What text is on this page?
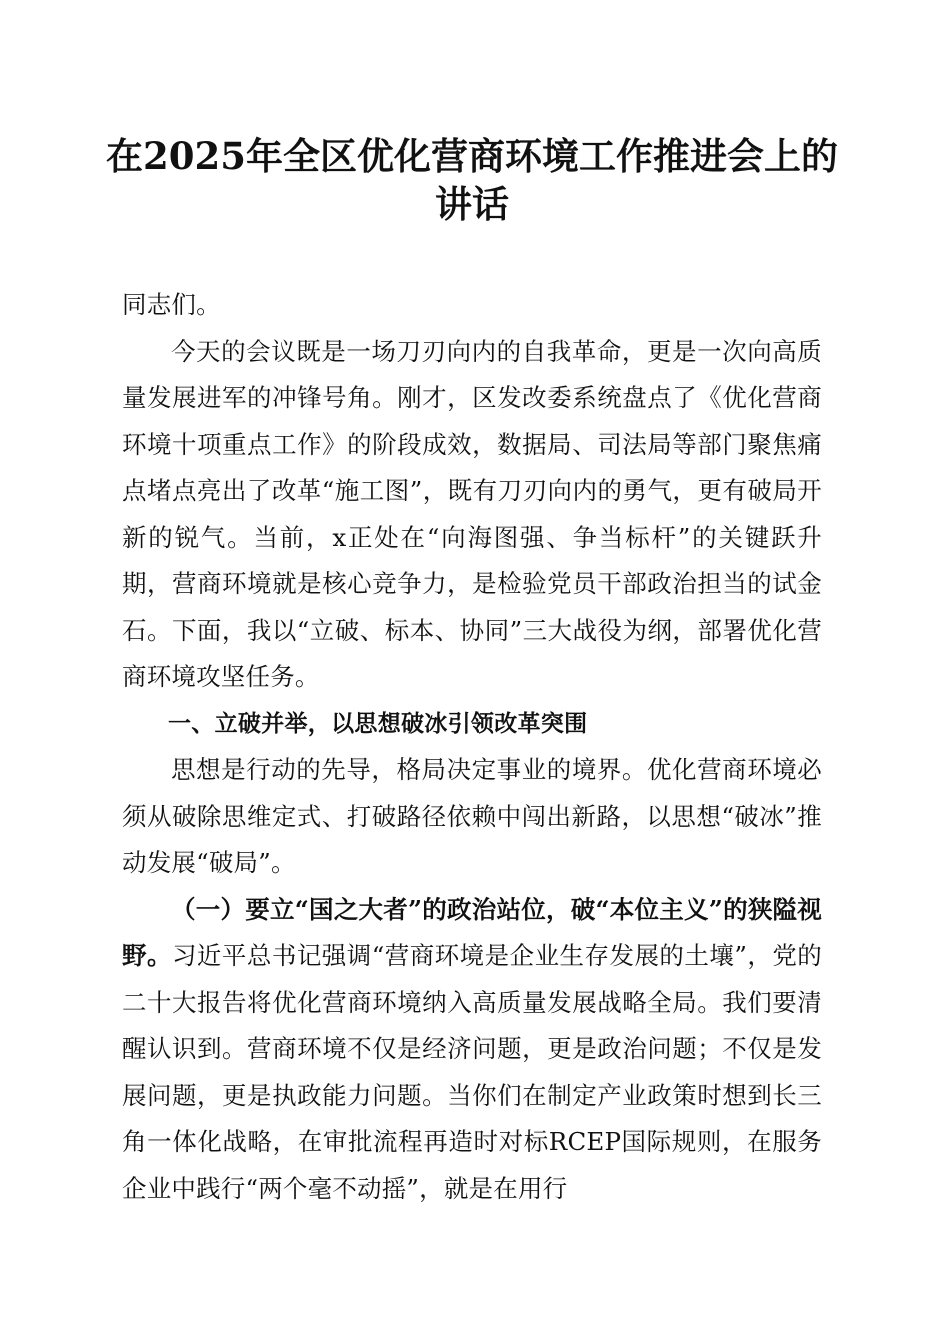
在2025年全区优化营商环境工作推进会上的讲话

同志们。

今天的会议既是一场刀刃向内的自我革命，更是一次向高质量发展进军的冲锋号角。刚才，区发改委系统盘点了《优化营商环境十项重点工作》的阶段成效，数据局、司法局等部门聚焦痛点堵点亮出了改革“施工图”，既有刀刃向内的勇气，更有破局开新的锐气。当前，x正处在“向海图强、争当标杆”的关键跃升期，营商环境就是核心竞争力，是检验党员干部政治担当的试金石。下面，我以“立破、标本、协同”三大战役为纲，部署优化营商环境攻坚任务。

一、立破并举，以思想破冰引领改革突围

思想是行动的先导，格局决定事业的境界。优化营商环境必须从破除思维定式、打破路径依赖中闯出新路，以思想“破冰”推动发展“破局”。

（一）要立“国之大者”的政治站位，破“本位主义”的狭隘视野。习近平总书记强调“营商环境是企业生存发展的土壤”，党的二十大报告将优化营商环境纳入高质量发展战略全局。我们要清醒认识到。营商环境不仅是经济问题，更是政治问题；不仅是发展问题，更是执政能力问题。当你们在制定产业政策时想到长三角一体化战略，在审批流程再造时对标RCEP国际规则，在服务企业中践行“两个毫不动摇”，就是在用行
